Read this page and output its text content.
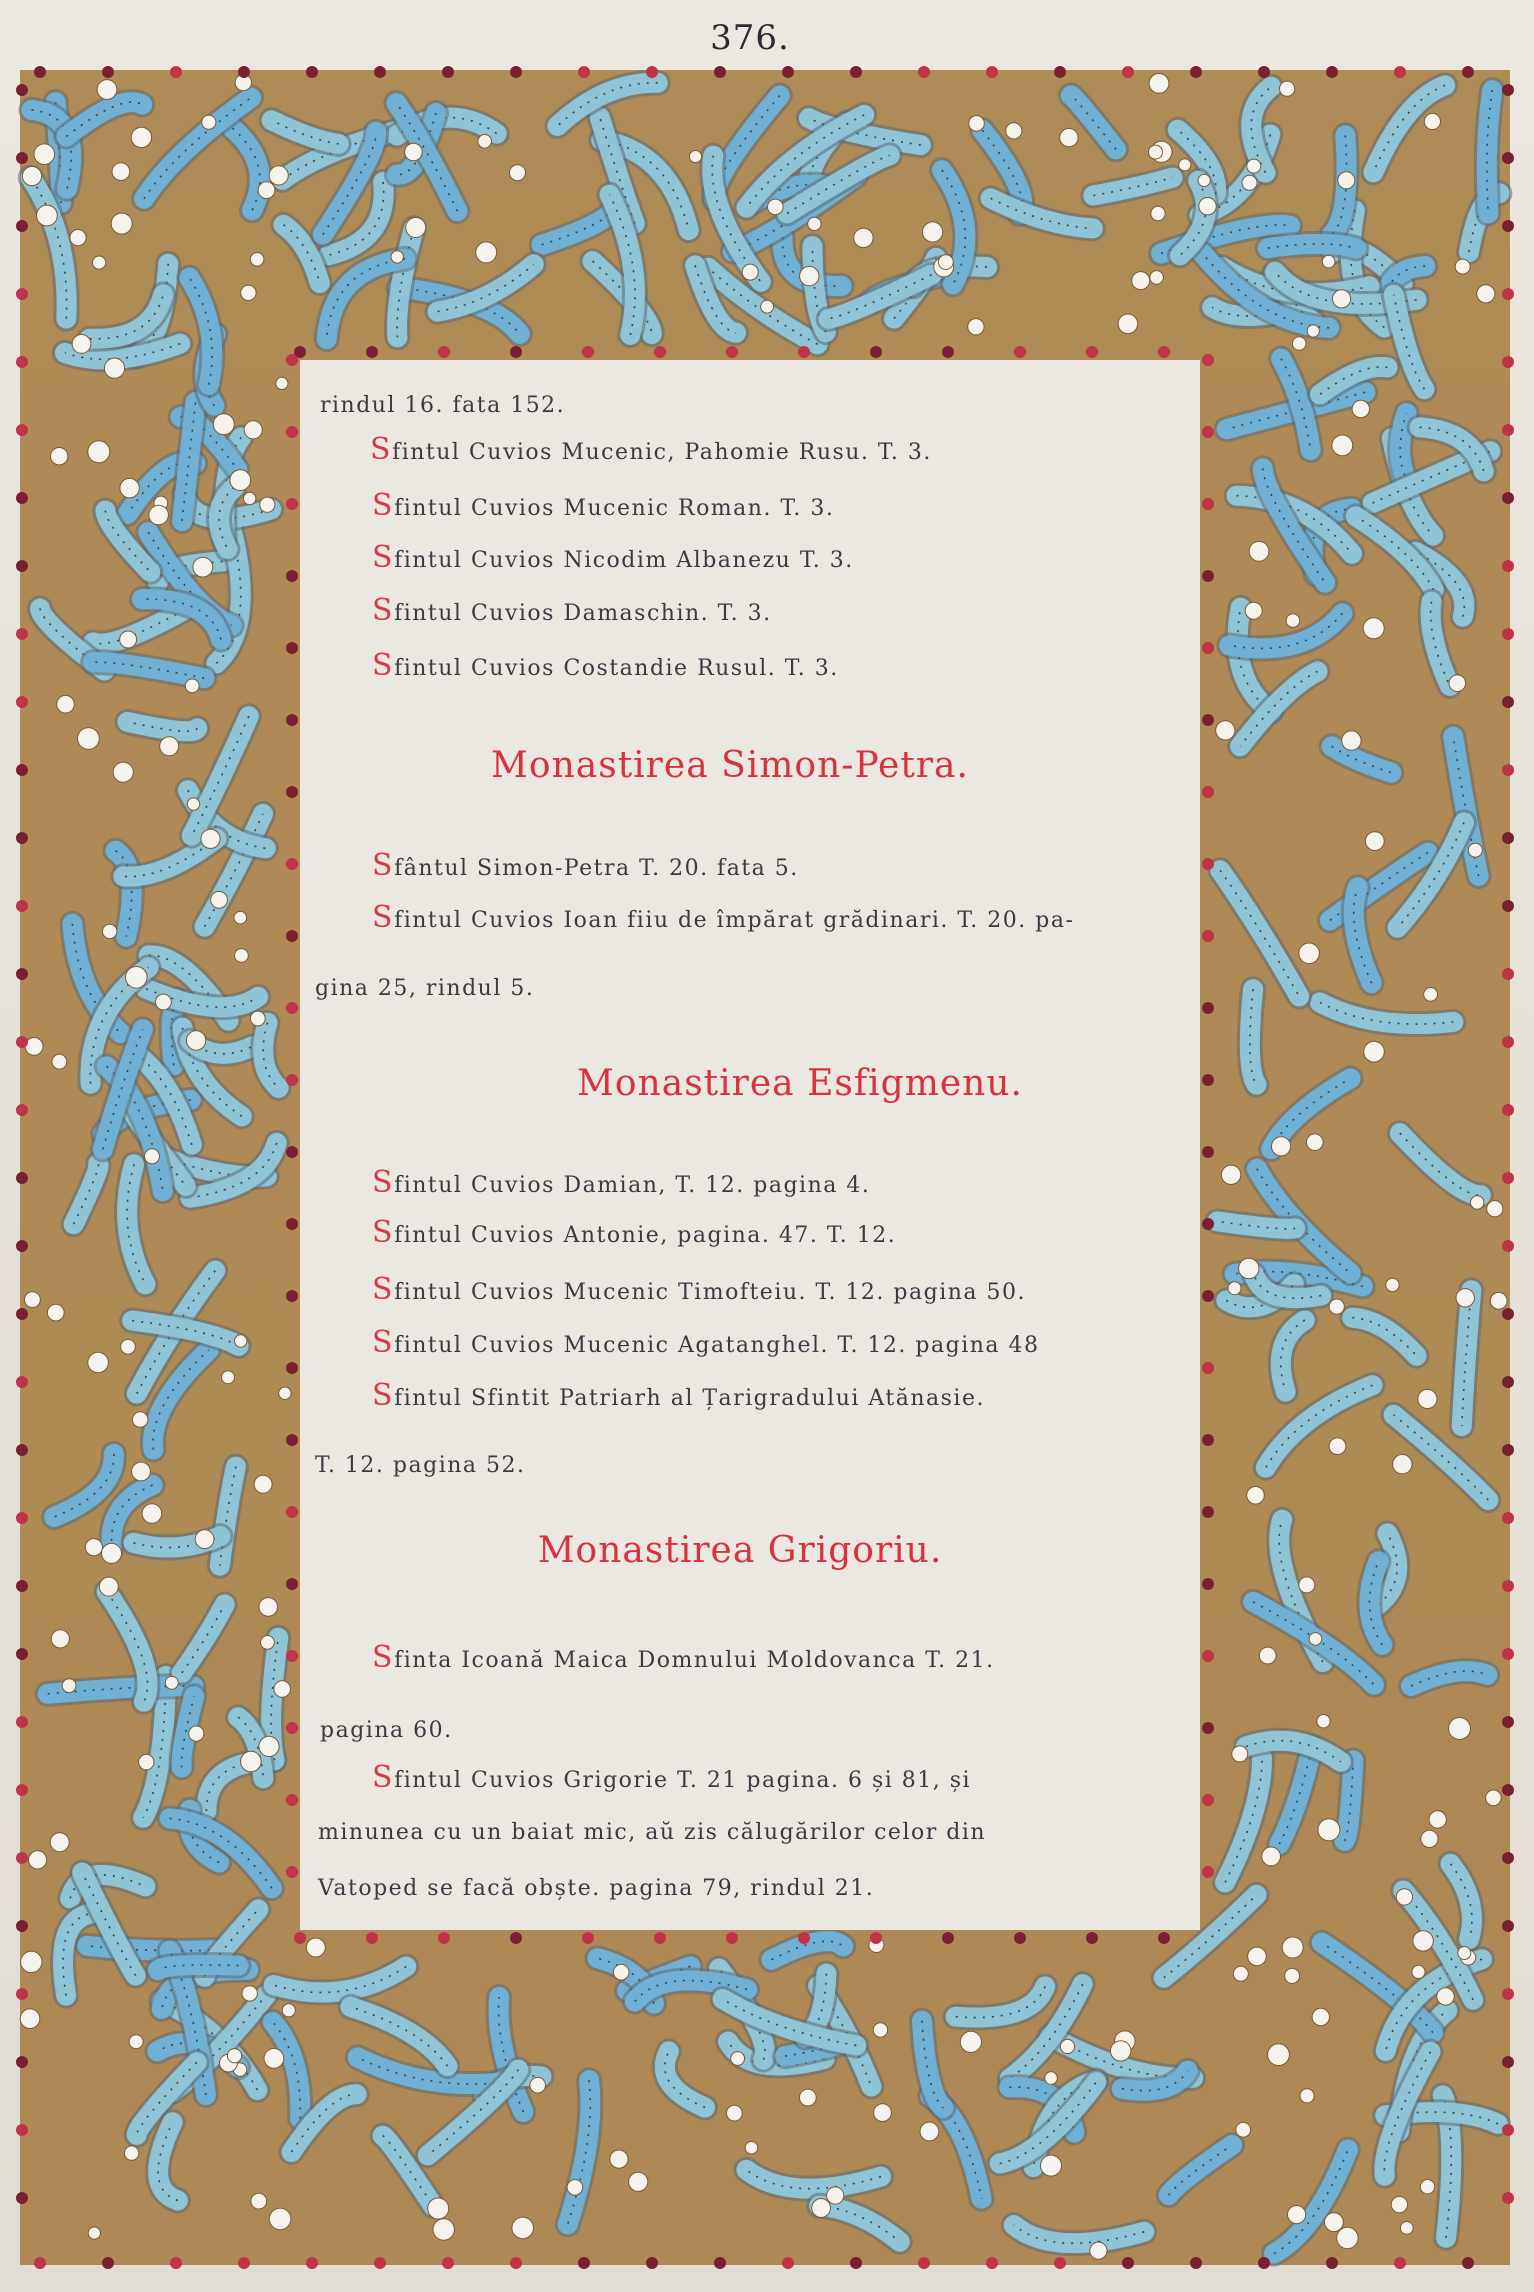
376.
rindul 16. fata 152.
Sfintul Cuvios Mucenic, Pahomie Rusu. T. 3.
Sfintul Cuvios Mucenic Roman. T. 3.
Sfintul Cuvios Nicodim Albanezu T. 3.
Sfintul Cuvios Damaschin. T. 3.
Sfintul Cuvios Costandie Rusul. T. 3.
Monastirea Simon-Petra.
Sfântul Simon-Petra T. 20. fata 5.
Sfintul Cuvios Ioan fiiu de împărat grădinari. T. 20. pa-
gina 25, rindul 5.
Monastirea Esfigmenu.
Sfintul Cuvios Damian, T. 12. pagina 4.
Sfintul Cuvios Antonie, pagina. 47. T. 12.
Sfintul Cuvios Mucenic Timofteiu. T. 12. pagina 50.
Sfintul Cuvios Mucenic Agatanghel. T. 12. pagina 48
Sfintul Sfintit Patriarh al Țarigradului Atănasie.
T. 12. pagina 52.
Monastirea Grigoriu.
Sfinta Icoană Maica Domnului Moldovanca T. 21.
pagina 60.
Sfintul Cuvios Grigorie T. 21 pagina. 6 și 81, și
minunea cu un baiat mic, aŭ zis călugărilor celor din
Vatoped se facă obște. pagina 79, rindul 21.
